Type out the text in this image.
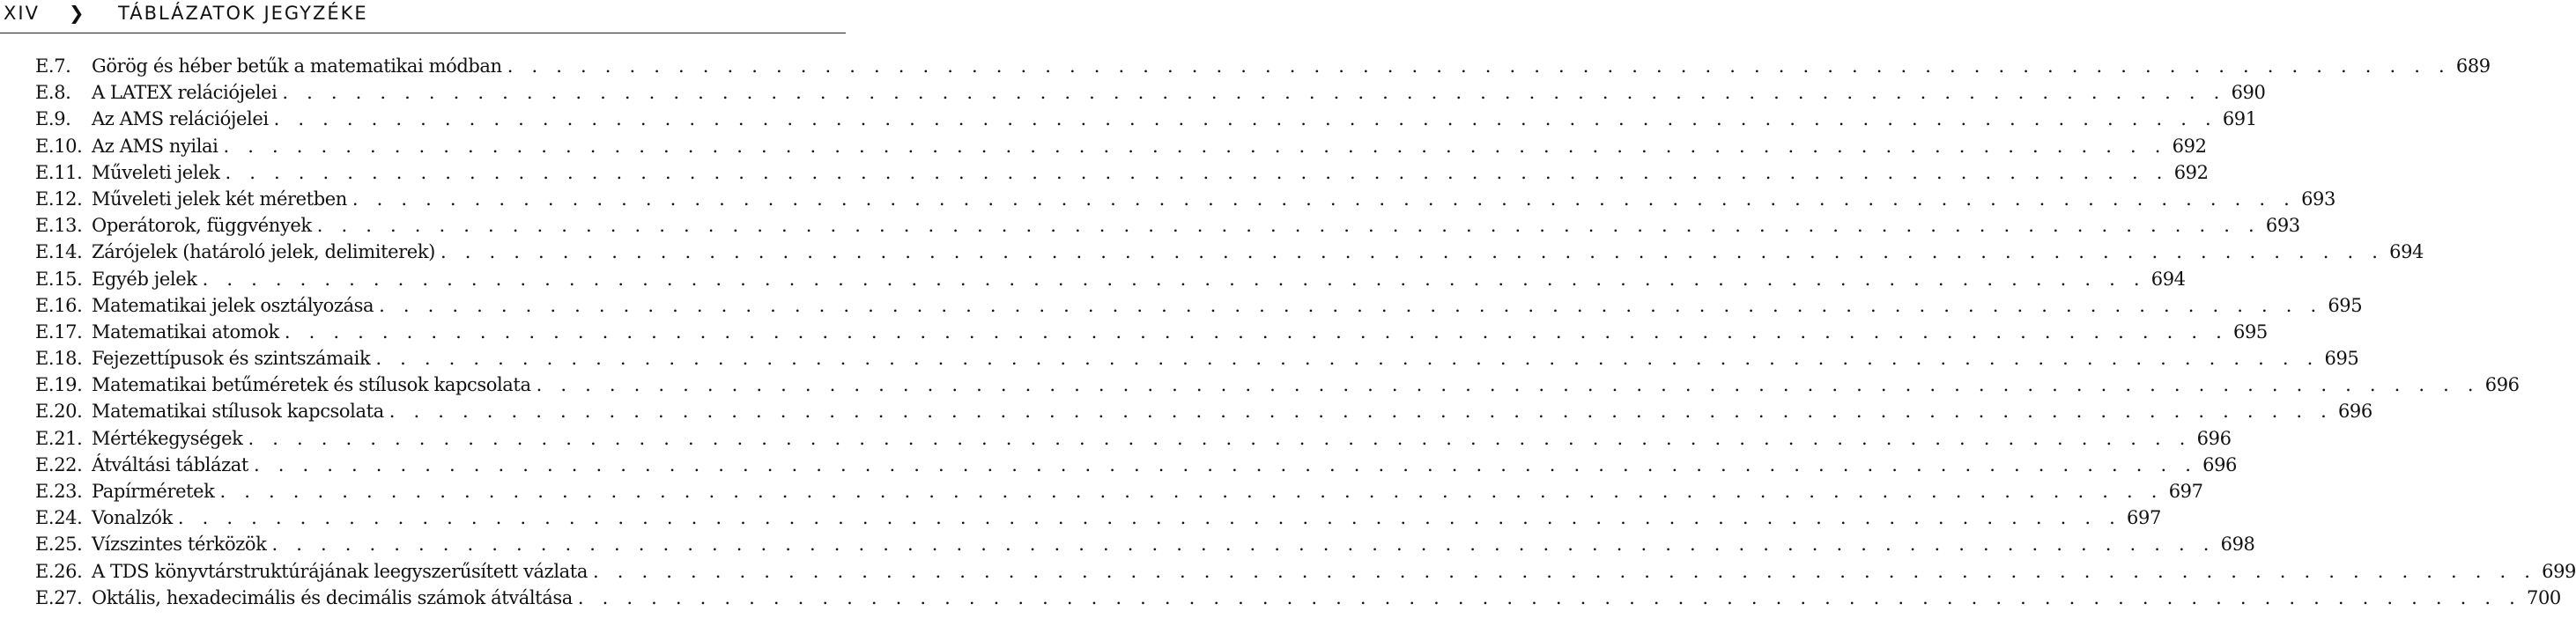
XIV ❯ TÁBLÁZATOK JEGYZÉKE
E.7.	Görög és héber betűk a matematikai módban . . . . . . . . . . . . . . . . . . . . . . . . . . . . . . . . . . . . . . . . . . . . . . . . . . . . . . . . . . . . . . . . . . . . . . . . . . . . . . . . 689
E.8.	A LATEX relációjelei . . . . . . . . . . . . . . . . . . . . . . . . . . . . . . . . . . . . . . . . . . . . . . . . . . . . . . . . . . . . . . . . . . . . . . . . . . . . . . . . 690
E.9.	Az AMS relációjelei . . . . . . . . . . . . . . . . . . . . . . . . . . . . . . . . . . . . . . . . . . . . . . . . . . . . . . . . . . . . . . . . . . . . . . . . . . . . . . . . 691
E.10. Az AMS nyilai . . . . . . . . . . . . . . . . . . . . . . . . . . . . . . . . . . . . . . . . . . . . . . . . . . . . . . . . . . . . . . . . . . . . . . . . . . . . . . . . 692
E.11. Műveleti jelek . . . . . . . . . . . . . . . . . . . . . . . . . . . . . . . . . . . . . . . . . . . . . . . . . . . . . . . . . . . . . . . . . . . . . . . . . . . . . . . . 692
E.12. Műveleti jelek két méretben . . . . . . . . . . . . . . . . . . . . . . . . . . . . . . . . . . . . . . . . . . . . . . . . . . . . . . . . . . . . . . . . . . . . . . . . . . . . . . . . 693
E.13. Operátorok, függvények . . . . . . . . . . . . . . . . . . . . . . . . . . . . . . . . . . . . . . . . . . . . . . . . . . . . . . . . . . . . . . . . . . . . . . . . . . . . . . . . 693
E.14. Zárójelek (határoló jelek, delimiterek) . . . . . . . . . . . . . . . . . . . . . . . . . . . . . . . . . . . . . . . . . . . . . . . . . . . . . . . . . . . . . . . . . . . . . . . . . . . . . . . . 694
E.15. Egyéb jelek . . . . . . . . . . . . . . . . . . . . . . . . . . . . . . . . . . . . . . . . . . . . . . . . . . . . . . . . . . . . . . . . . . . . . . . . . . . . . . . . 694
E.16. Matematikai jelek osztályozása . . . . . . . . . . . . . . . . . . . . . . . . . . . . . . . . . . . . . . . . . . . . . . . . . . . . . . . . . . . . . . . . . . . . . . . . . . . . . . . . 695
E.17. Matematikai atomok . . . . . . . . . . . . . . . . . . . . . . . . . . . . . . . . . . . . . . . . . . . . . . . . . . . . . . . . . . . . . . . . . . . . . . . . . . . . . . . . 695
E.18. Fejezettípusok és szintszámaik . . . . . . . . . . . . . . . . . . . . . . . . . . . . . . . . . . . . . . . . . . . . . . . . . . . . . . . . . . . . . . . . . . . . . . . . . . . . . . . . 695
E.19. Matematikai betűméretek és stílusok kapcsolata . . . . . . . . . . . . . . . . . . . . . . . . . . . . . . . . . . . . . . . . . . . . . . . . . . . . . . . . . . . . . . . . . . . . . . . . . . . . . . . . 696
E.20. Matematikai stílusok kapcsolata . . . . . . . . . . . . . . . . . . . . . . . . . . . . . . . . . . . . . . . . . . . . . . . . . . . . . . . . . . . . . . . . . . . . . . . . . . . . . . . . 696
E.21. Mértékegységek . . . . . . . . . . . . . . . . . . . . . . . . . . . . . . . . . . . . . . . . . . . . . . . . . . . . . . . . . . . . . . . . . . . . . . . . . . . . . . . . 696
E.22. Átváltási táblázat . . . . . . . . . . . . . . . . . . . . . . . . . . . . . . . . . . . . . . . . . . . . . . . . . . . . . . . . . . . . . . . . . . . . . . . . . . . . . . . . 696
E.23. Papírméretek . . . . . . . . . . . . . . . . . . . . . . . . . . . . . . . . . . . . . . . . . . . . . . . . . . . . . . . . . . . . . . . . . . . . . . . . . . . . . . . . 697
E.24. Vonalzók . . . . . . . . . . . . . . . . . . . . . . . . . . . . . . . . . . . . . . . . . . . . . . . . . . . . . . . . . . . . . . . . . . . . . . . . . . . . . . . . 697
E.25. Vízszintes térközök . . . . . . . . . . . . . . . . . . . . . . . . . . . . . . . . . . . . . . . . . . . . . . . . . . . . . . . . . . . . . . . . . . . . . . . . . . . . . . . . 698
E.26. A TDS könyvtárstruktúrájának leegyszerűsített vázlata . . . . . . . . . . . . . . . . . . . . . . . . . . . . . . . . . . . . . . . . . . . . . . . . . . . . . . . . . . . . . . . . . . . . . . . . . . . . . . . . 699
E.27. Oktális, hexadecimális és decimális számok átváltása . . . . . . . . . . . . . . . . . . . . . . . . . . . . . . . . . . . . . . . . . . . . . . . . . . . . . . . . . . . . . . . . . . . . . . . . . . . . . . . . 700
